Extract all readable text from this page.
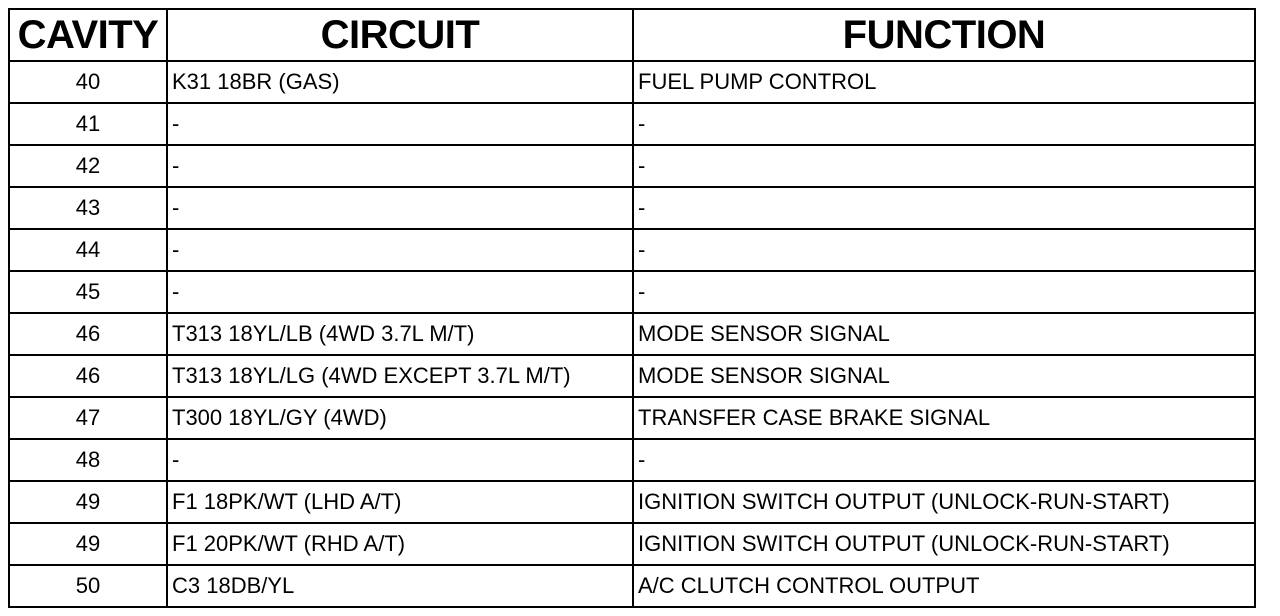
CAVITY	CIRCUIT	FUNCTION
40	K31 18BR (GAS)	FUEL PUMP CONTROL
41	-	-
42	-	-
43	-	-
44	-	-
45	-	-
46	T313 18YL/LB (4WD 3.7L M/T)	MODE SENSOR SIGNAL
46	T313 18YL/LG (4WD EXCEPT 3.7L M/T)	MODE SENSOR SIGNAL
47	T300 18YL/GY (4WD)	TRANSFER CASE BRAKE SIGNAL
48	-	-
49	F1 18PK/WT (LHD A/T)	IGNITION SWITCH OUTPUT (UNLOCK-RUN-START)
49	F1 20PK/WT (RHD A/T)	IGNITION SWITCH OUTPUT (UNLOCK-RUN-START)
50	C3 18DB/YL	A/C CLUTCH CONTROL OUTPUT
